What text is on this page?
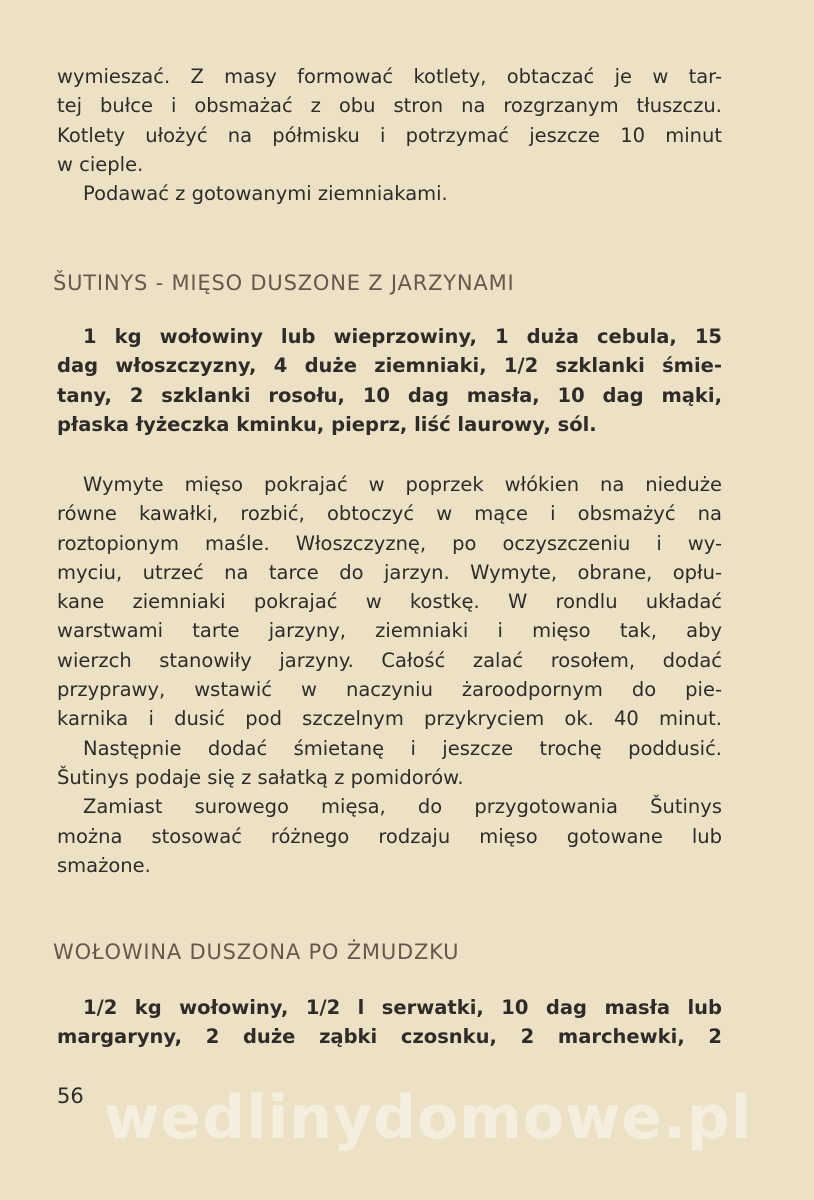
wymieszać. Z masy formować kotlety, obtaczać je w tar-
tej bułce i obsmażać z obu stron na rozgrzanym tłuszczu.
Kotlety ułożyć na półmisku i potrzymać jeszcze 10 minut
w cieple.
Podawać z gotowanymi ziemniakami.
ŠUTINYS - MIĘSO DUSZONE Z JARZYNAMI
1 kg wołowiny lub wieprzowiny, 1 duża cebula, 15
dag włoszczyzny, 4 duże ziemniaki, 1/2 szklanki śmie-
tany, 2 szklanki rosołu, 10 dag masła, 10 dag mąki,
płaska łyżeczka kminku, pieprz, liść laurowy, sól.
Wymyte mięso pokrajać w poprzek włókien na nieduże
równe kawałki, rozbić, obtoczyć w mące i obsmażyć na
roztopionym maśle. Włoszczyznę, po oczyszczeniu i wy-
myciu, utrzeć na tarce do jarzyn. Wymyte, obrane, opłu-
kane ziemniaki pokrajać w kostkę. W rondlu układać
warstwami tarte jarzyny, ziemniaki i mięso tak, aby
wierzch stanowiły jarzyny. Całość zalać rosołem, dodać
przyprawy, wstawić w naczyniu żaroodpornym do pie-
karnika i dusić pod szczelnym przykryciem ok. 40 minut.
Następnie dodać śmietanę i jeszcze trochę poddusić.
Šutinys podaje się z sałatką z pomidorów.
Zamiast surowego mięsa, do przygotowania Šutinys
można stosować różnego rodzaju mięso gotowane lub
smażone.
WOŁOWINA DUSZONA PO ŻMUDZKU
1/2 kg wołowiny, 1/2 l serwatki, 10 dag masła lub
margaryny, 2 duże ząbki czosnku, 2 marchewki, 2
wedlinydomowe.pl
56
